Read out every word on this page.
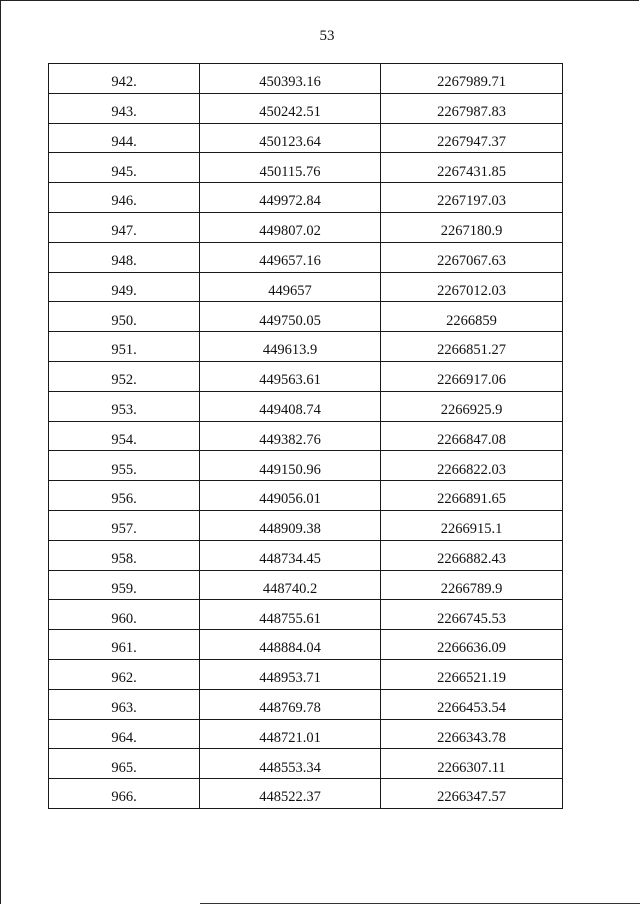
53
942.	450393.16	2267989.71
943.	450242.51	2267987.83
944.	450123.64	2267947.37
945.	450115.76	2267431.85
946.	449972.84	2267197.03
947.	449807.02	2267180.9
948.	449657.16	2267067.63
949.	449657	2267012.03
950.	449750.05	2266859
951.	449613.9	2266851.27
952.	449563.61	2266917.06
953.	449408.74	2266925.9
954.	449382.76	2266847.08
955.	449150.96	2266822.03
956.	449056.01	2266891.65
957.	448909.38	2266915.1
958.	448734.45	2266882.43
959.	448740.2	2266789.9
960.	448755.61	2266745.53
961.	448884.04	2266636.09
962.	448953.71	2266521.19
963.	448769.78	2266453.54
964.	448721.01	2266343.78
965.	448553.34	2266307.11
966.	448522.37	2266347.57
